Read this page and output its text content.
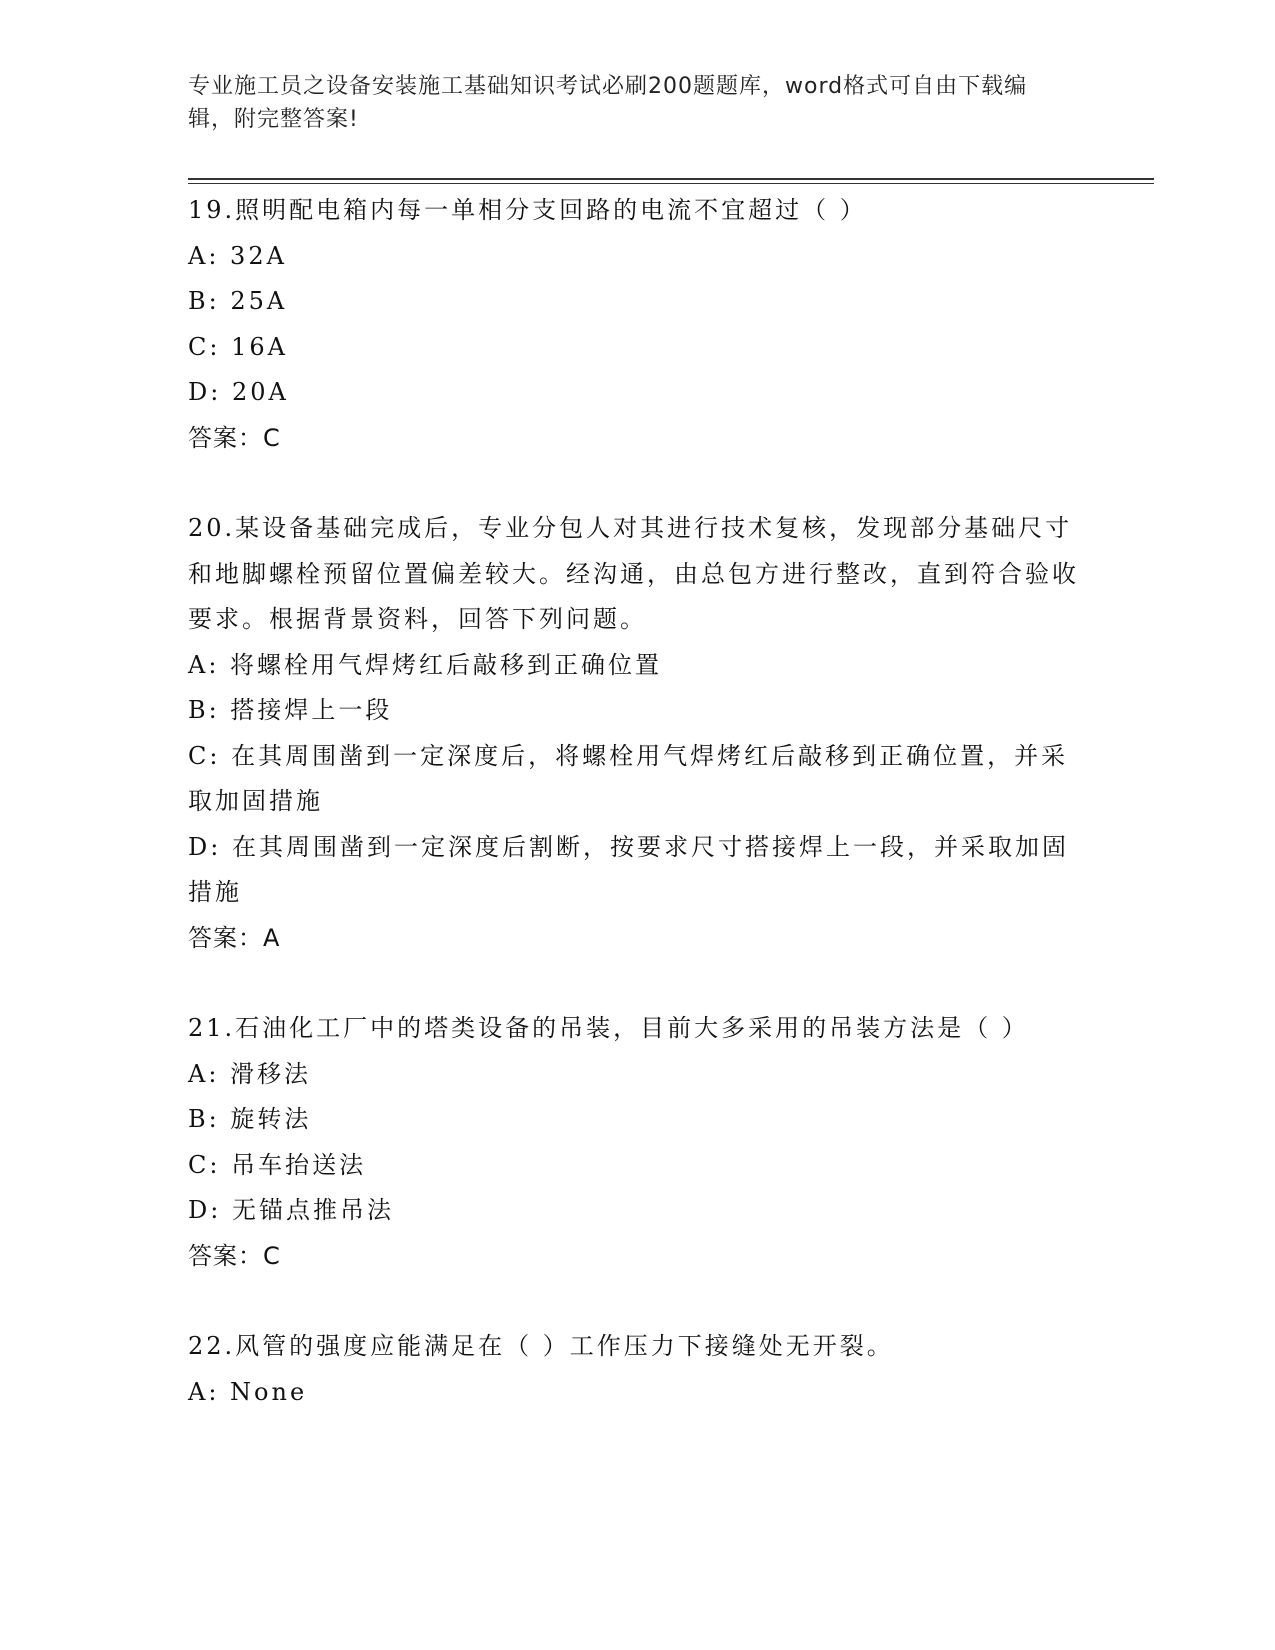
专业施工员之设备安装施工基础知识考试必刷200题题库，word格式可自由下载编辑，附完整答案!

19.照明配电箱内每一单相分支回路的电流不宜超过（ ）

A: 32A

B: 25A

C: 16A

D: 20A

答案：C

20.某设备基础完成后，专业分包人对其进行技术复核，发现部分基础尺寸和地脚螺栓预留位置偏差较大。经沟通，由总包方进行整改，直到符合验收要求。根据背景资料，回答下列问题。

A: 将螺栓用气焊烤红后敲移到正确位置

B: 搭接焊上一段

C: 在其周围凿到一定深度后，将螺栓用气焊烤红后敲移到正确位置，并采取加固措施

D: 在其周围凿到一定深度后割断，按要求尺寸搭接焊上一段，并采取加固措施

答案：A

21.石油化工厂中的塔类设备的吊装，目前大多采用的吊装方法是（ ）

A: 滑移法

B: 旋转法

C: 吊车抬送法

D: 无锚点推吊法

答案：C

22.风管的强度应能满足在（ ）工作压力下接缝处无开裂。

A: None
